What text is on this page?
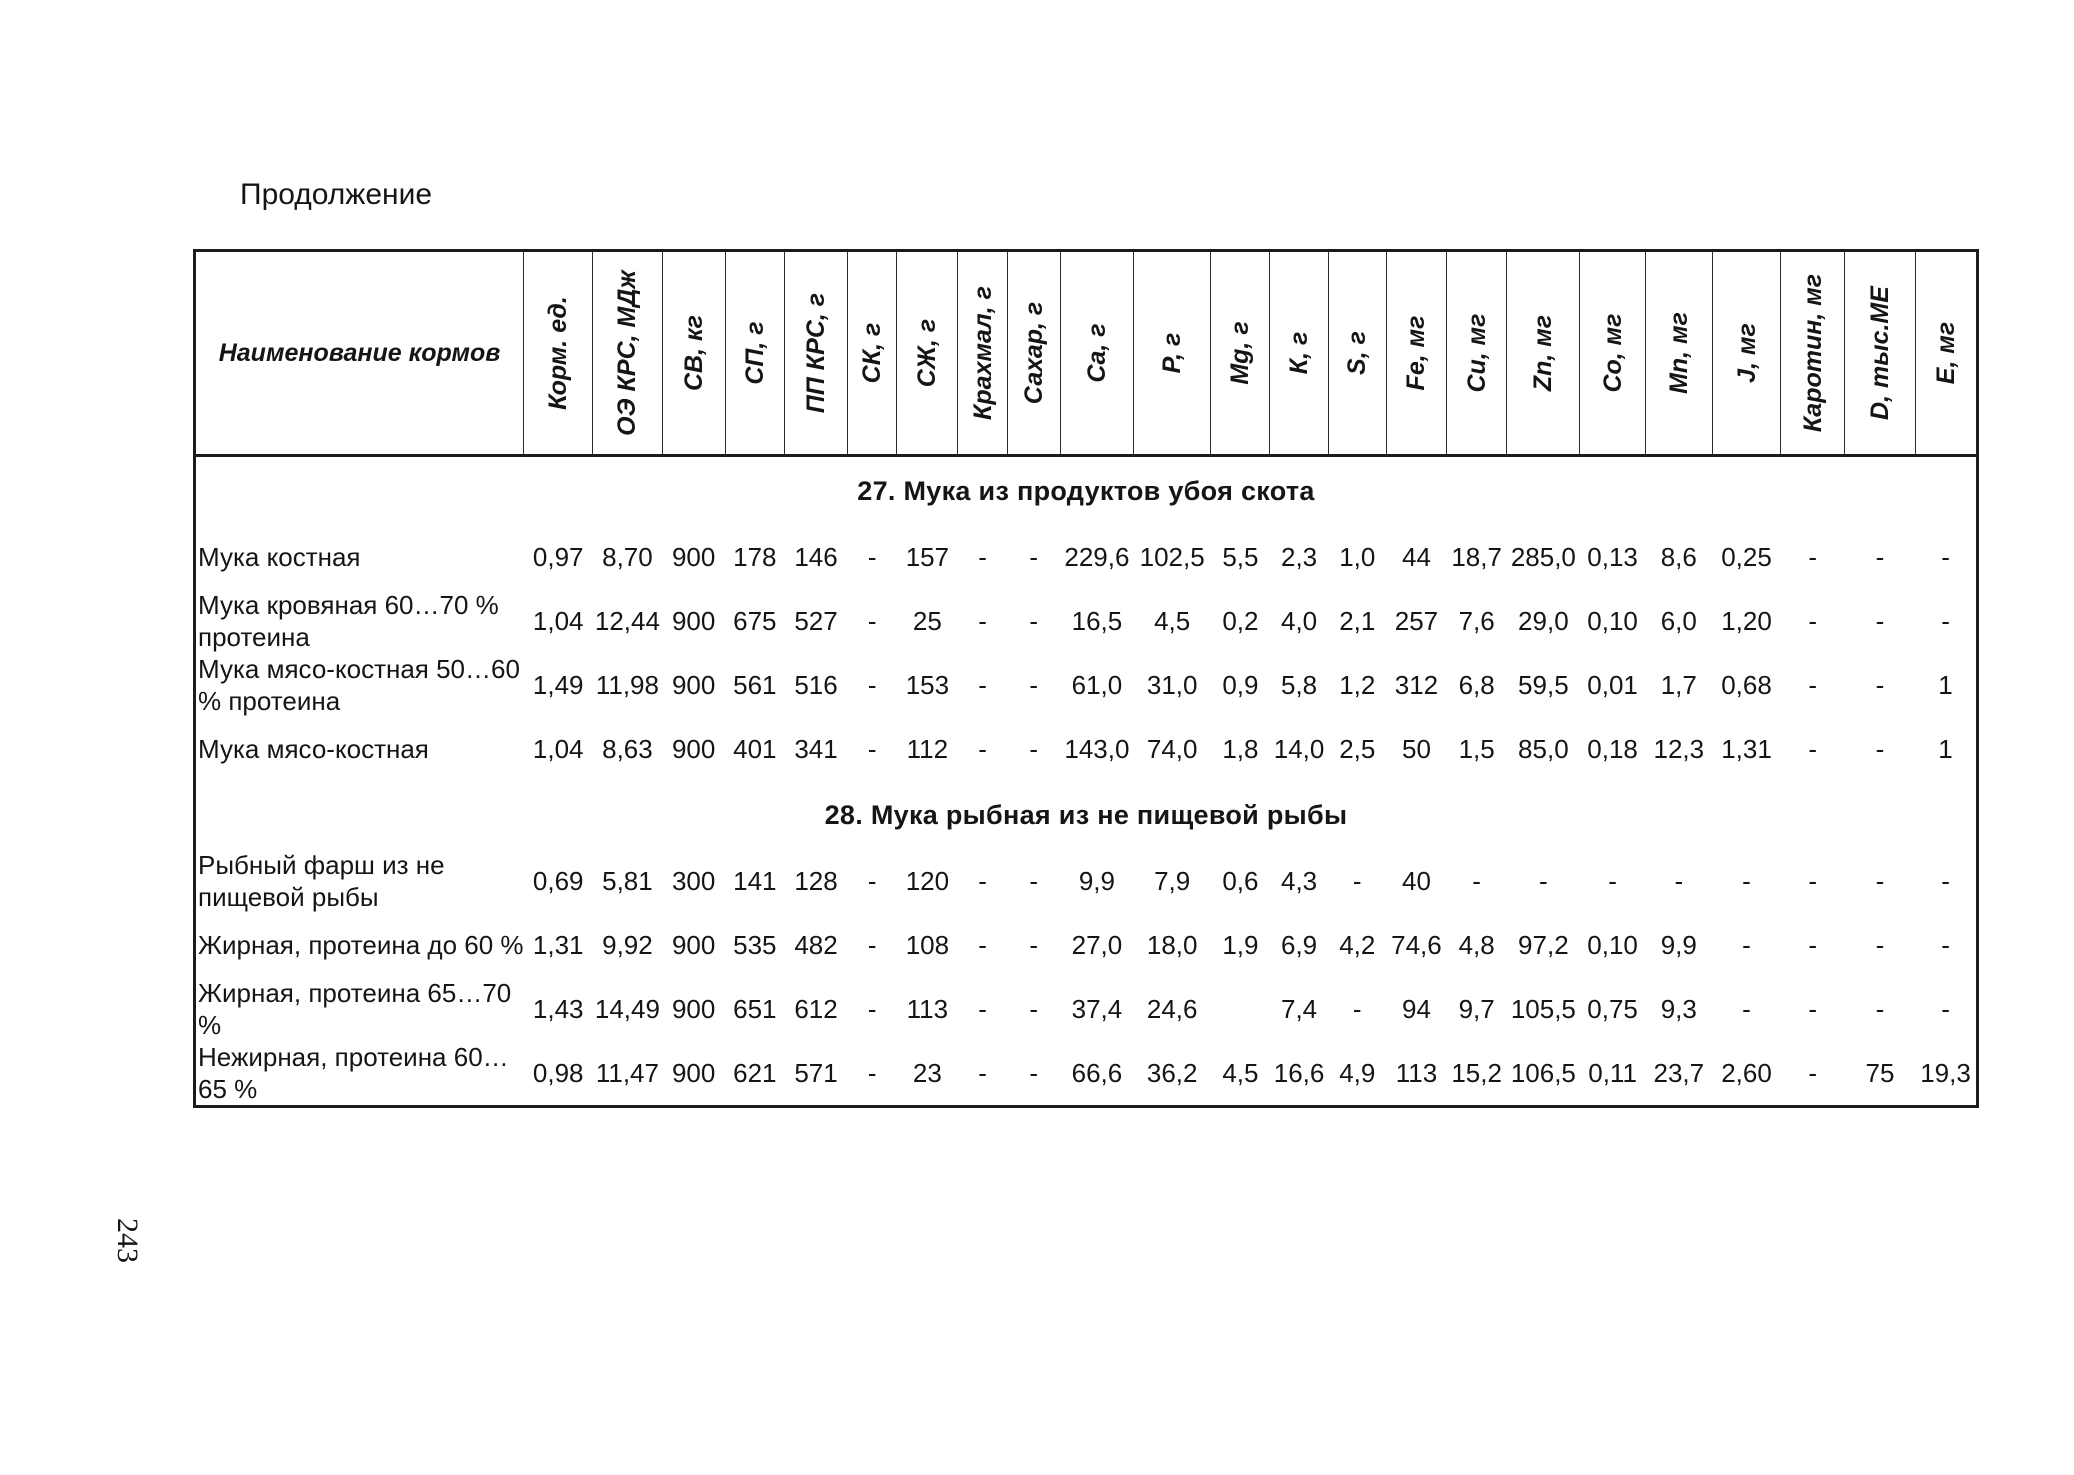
Продолжение
Наименование кормов	Корм. ед.	ОЭ КРС, МДж	СВ, кг	СП, г	ПП КРС, г	СК, г	СЖ, г	Крахмал, г	Сахар, г	Ca, г	Р, г	Mg, г	К, г	S, г	Fe, мг	Cu, мг	Zn, мг	Со, мг	Mn, мг	J, мг	Каротин, мг	D, тыс.МЕ	E, мг

27. Мука из продуктов убоя скота																							
Мука костная	0,97	8,70	900	178	146	-	157	-	-	229,6	102,5	5,5	2,3	1,0	44	18,7	285,0	0,13	8,6	0,25	-	-	-
Мука кровяная 60…70 % протеина	1,04	12,44	900	675	527	-	25	-	-	16,5	4,5	0,2	4,0	2,1	257	7,6	29,0	0,10	6,0	1,20	-	-	-
Мука мясо-костная 50…60 % протеина	1,49	11,98	900	561	516	-	153	-	-	61,0	31,0	0,9	5,8	1,2	312	6,8	59,5	0,01	1,7	0,68	-	-	1
Мука мясо-костная	1,04	8,63	900	401	341	-	112	-	-	143,0	74,0	1,8	14,0	2,5	50	1,5	85,0	0,18	12,3	1,31	-	-	1
28. Мука рыбная из не пищевой рыбы																							
Рыбный фарш из не пищевой рыбы	0,69	5,81	300	141	128	-	120	-	-	9,9	7,9	0,6	4,3	-	40	-	-	-	-	-	-	-	-
Жирная, протеина до 60 %	1,31	9,92	900	535	482	-	108	-	-	27,0	18,0	1,9	6,9	4,2	74,6	4,8	97,2	0,10	9,9	-	-	-	-
Жирная, протеина 65…70 %	1,43	14,49	900	651	612	-	113	-	-	37,4	24,6		7,4	-	94	9,7	105,5	0,75	9,3	-	-	-	-
Нежирная, протеина 60…65 %	0,98	11,47	900	621	571	-	23	-	-	66,6	36,2	4,5	16,6	4,9	113	15,2	106,5	0,11	23,7	2,60	-	75	19,3
243
